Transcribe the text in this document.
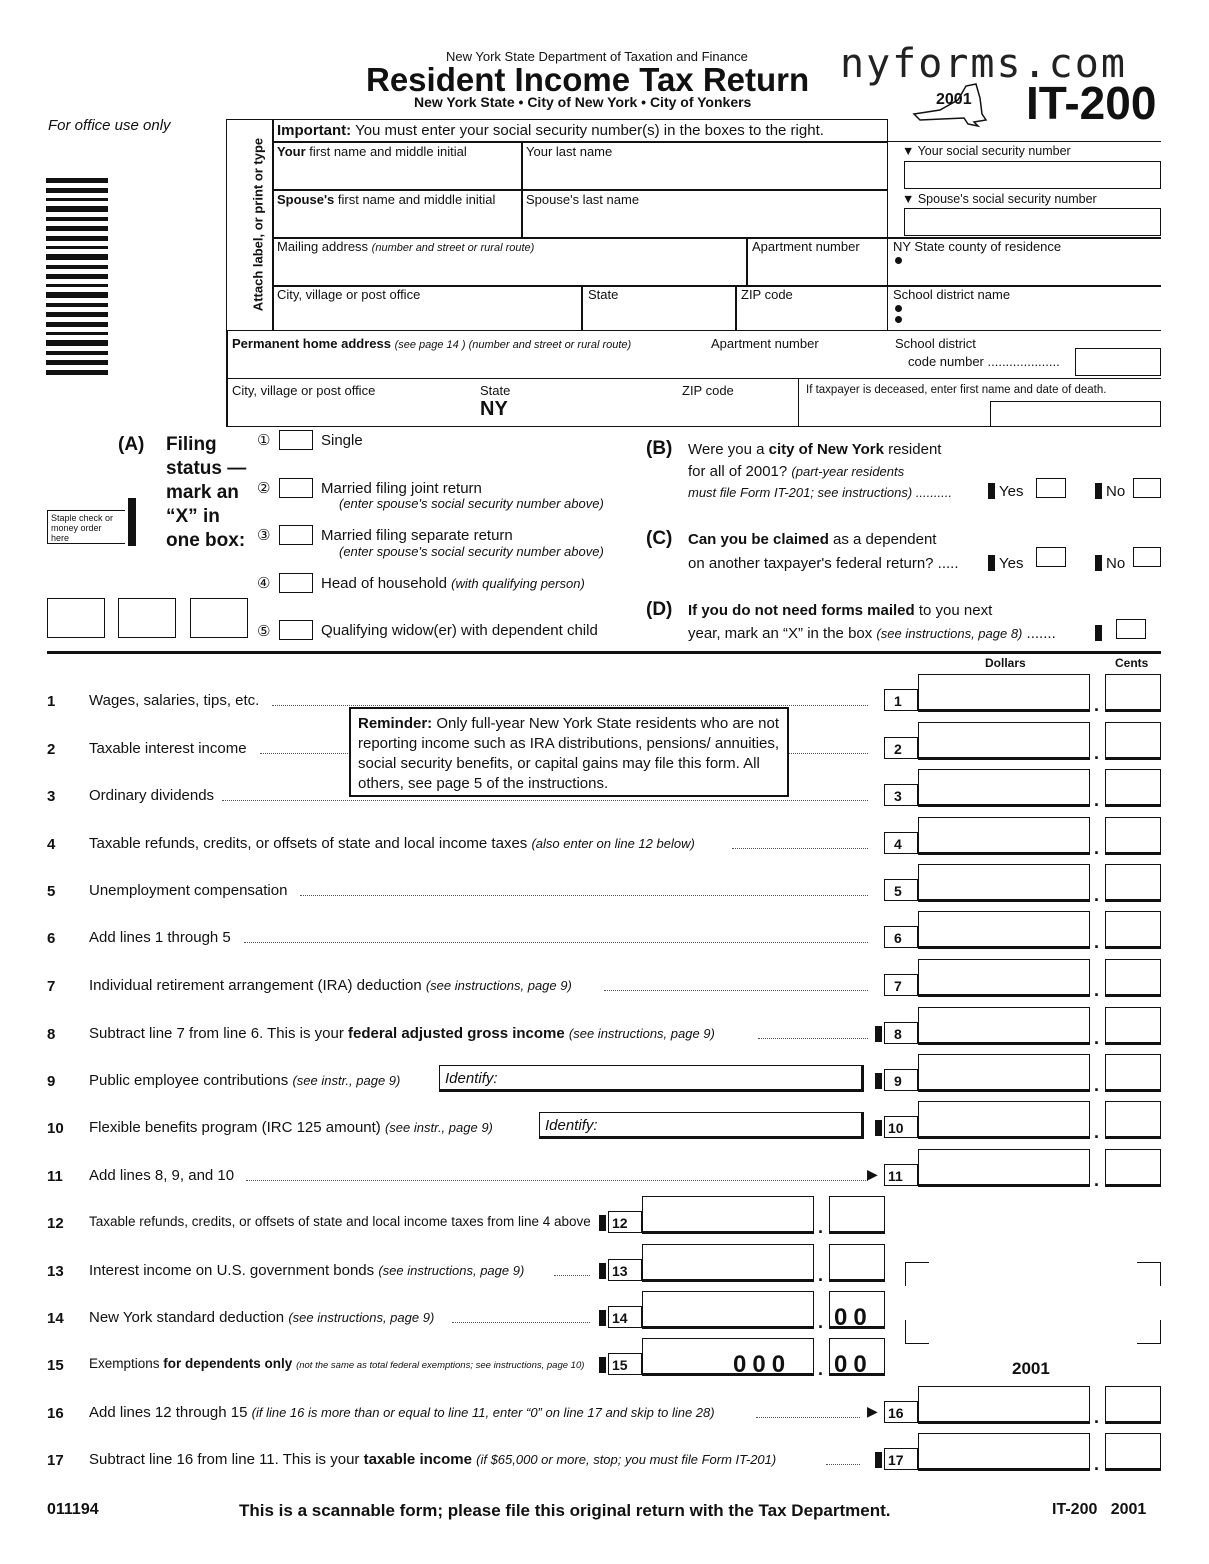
New York State Department of Taxation and Finance
Resident Income Tax Return
New York State • City of New York • City of Yonkers
nyforms.com
2001 IT-200
For office use only
Attach label, or print or type
Important: You must enter your social security number(s) in the boxes to the right.
Your first name and middle initial	Your last name	▼ Your social security number
Spouse's first name and middle initial Spouse's last name	▼ Spouse's social security number
Mailing address (number and street or rural route)	Apartment number	NY State county of residence
City, village or post office	State	ZIP code	School district name
Permanent home address (see page 14 ) (number and street or rural route)	Apartment number	School district
code number ....................
City, village or post office	State
NY
ZIP code	If taxpayer is deceased, enter first name and date of death.
(A) Filing
status —
mark an
“X” in
one box:
Staple check or
money order
here
①	Single
②	Married filing joint return
(enter spouse's social security number above)
③	Married filing separate return
(enter spouse's social security number above)
④	Head of household (with qualifying person)
⑤	Qualifying widow(er) with dependent child
(B) Were you a city of New York resident
for all of 2001? (part-year residents
must file Form IT-201; see instructions) ..........	Yes	No
(C) Can you be claimed as a dependent
on another taxpayer's federal return? .....	Yes	No
(D) If you do not need forms mailed to you next
year, mark an “X” in the box (see instructions, page 8) .......
Dollars	Cents
1	Wages, salaries, tips, etc.	1	.
2	Taxable interest income	2	.
3	Ordinary dividends	3	.
4	Taxable refunds, credits, or offsets of state and local income taxes (also enter on line 12 below)	4	.
5	Unemployment compensation	5	.
6	Add lines 1 through 5	6	.
7	Individual retirement arrangement (IRA) deduction (see instructions, page 9)	7	.
8	Subtract line 7 from line 6. This is your federal adjusted gross income (see instructions, page 9)	8	.
9	Public employee contributions (see instr., page 9)	9	.
10	Flexible benefits program (IRC 125 amount) (see instr., page 9)	10	.
11	Add lines 8, 9, and 10	▶ 11	.
12	Taxable refunds, credits, or offsets of state and local income taxes from line 4 above 12	.
13	Interest income on U.S. government bonds (see instructions, page 9)	13	.
14	New York standard deduction (see instructions, page 9)	14	.
15	Exemptions for dependents only (not the same as total federal exemptions; see instructions, page 10) 15	.
16	Add lines 12 through 15 (if line 16 is more than or equal to line 11, enter “0” on line 17 and skip to line 28)	▶ 16	.
17	Subtract line 16 from line 11. This is your taxable income (if $65,000 or more, stop; you must file Form IT-201)	17	.
Reminder: Only full-year New York State residents who are not reporting income such as IRA distributions, pensions/ annuities, social security benefits, or capital gains may file this form. All others, see page 5 of the instructions.
Identify:
Identify:
00
000 00	2001
011194	This is a scannable form; please file this original return with the Tax Department.	IT-200   2001
